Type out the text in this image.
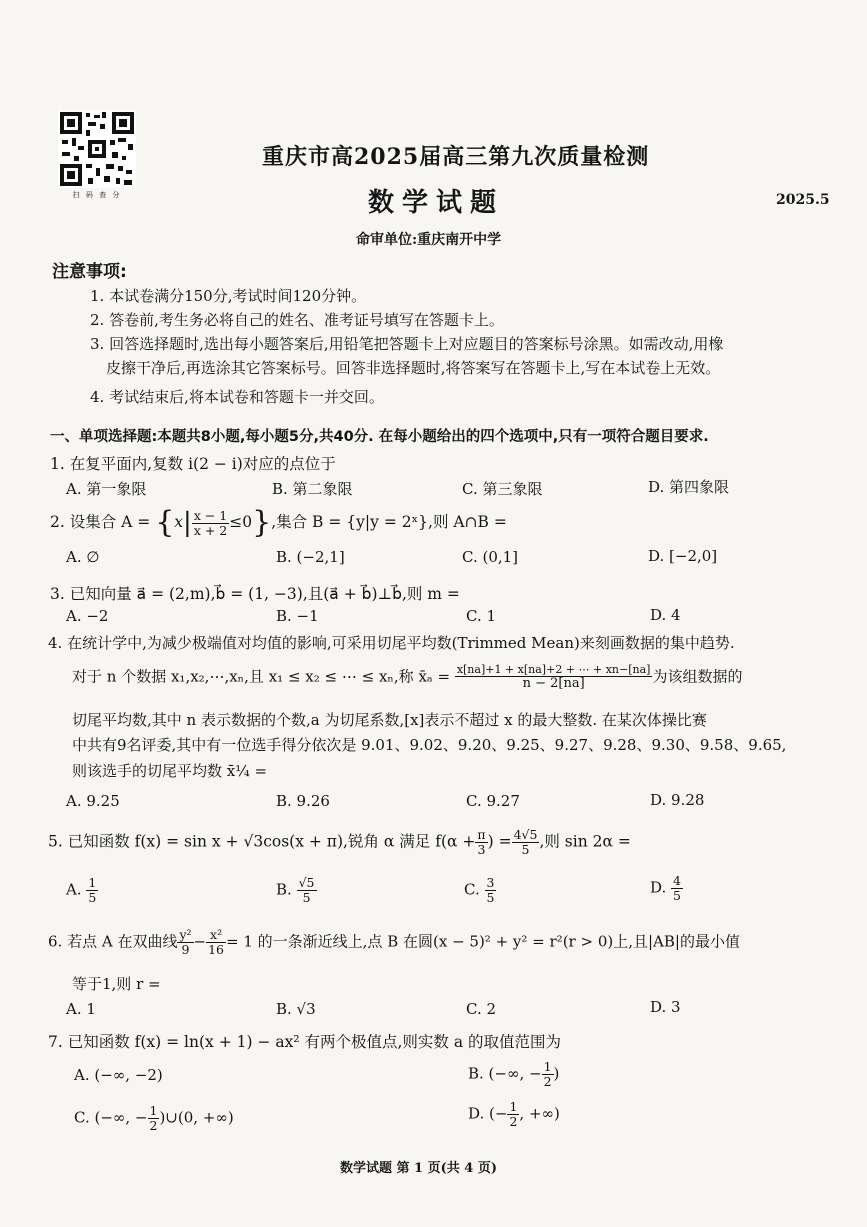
扫 码 查 分
重庆市高2025届高三第九次质量检测
数学试题	2025.5
命审单位:重庆南开中学
注意事项:
1. 本试卷满分150分,考试时间120分钟。
2. 答卷前,考生务必将自己的姓名、准考证号填写在答题卡上。
3. 回答选择题时,选出每小题答案后,用铅笔把答题卡上对应题目的答案标号涂黑。如需改动,用橡
皮擦干净后,再选涂其它答案标号。回答非选择题时,将答案写在答题卡上,写在本试卷上无效。
4. 考试结束后,将本试卷和答题卡一并交回。
一、单项选择题:本题共8小题,每小题5分,共40分. 在每小题给出的四个选项中,只有一项符合题目要求.
1. 在复平面内,复数 i(2 − i)对应的点位于
A. 第一象限	B. 第二象限	C. 第三象限	D. 第四象限
2. 设集合 $A = \{x| \frac{x - 1}{x + 2} \le 0\}$,集合 B = {y|y = 2ˣ},则 A∩B =
A. ∅	B. (−2,1]	C. (0,1]	D. [−2,0]
3. 已知向量 a⃗ = (2,m),b⃗ = (1, −3),且(a⃗ + b⃗)⊥b⃗,则 m =
A. −2	B. −1	C. 1	D. 4
4. 在统计学中,为减少极端值对均值的影响,可采用切尾平均数(Trimmed Mean)来刻画数据的集中趋势.
对于 n 个数据 x₁,x₂,⋯,xₙ,且 x₁ ≤ x₂ ≤ ⋯ ≤ xₙ,称 x̄ₐ = $\frac{x[na]+1 + x[na]+2 + \cdots + xn-[na]}{n - 2[na]}$ 为该组数据的
切尾平均数,其中 n 表示数据的个数,a 为切尾系数,[x]表示不超过 x 的最大整数. 在某次体操比赛
中共有9名评委,其中有一位选手得分依次是 9.01、9.02、9.20、9.25、9.27、9.28、9.30、9.58、9.65,
则该选手的切尾平均数 x̄¼ =
A. 9.25	B. 9.26	C. 9.27	D. 9.28
5. 已知函数 f(x) = sin x + √3cos(x + π),锐角 α 满足 $f(\alpha + \frac{\pi}{3}$ ) = $\frac{4√5}{5}$ ,则 sin 2α =
A. $\frac{1}{5}$	B. $\frac{√5}{5}$	C. $\frac{3}{5}$	D. $\frac{4}{5}$
6. 若点 A 在双曲线 $\frac{\text{y²}}{9} - \frac{\text{x²}}{16} = 1$ 的一条渐近线上,点 B 在圆(x − 5)² + y² = r²(r > 0)上,且|AB|的最小值
等于1,则 r =
A. 1	B. √3	C. 2	D. 3
7. 已知函数 f(x) = ln(x + 1) − ax² 有两个极值点,则实数 a 的取值范围为
A. (−∞, −2)	B. (−∞, − $\frac{1}{2}$ )
C. (−∞, − $\frac{1}{2}$ )∪(0, +∞)	D. (− $\frac{1}{2}$ , +∞)
数学试题 第 1 页(共 4 页)
